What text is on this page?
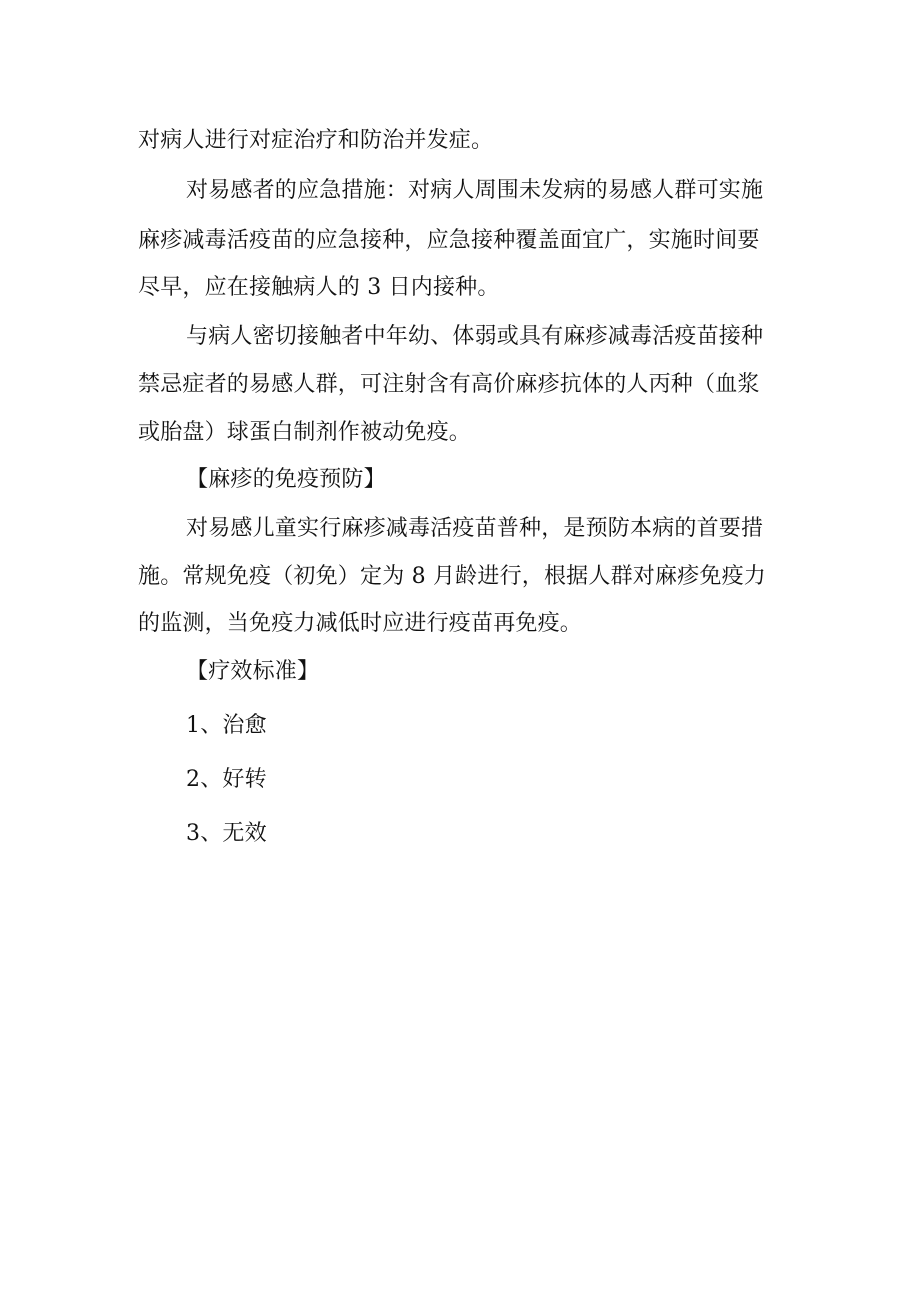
对病人进行对症治疗和防治并发症。
对易感者的应急措施：对病人周围未发病的易感人群可实施
麻疹减毒活疫苗的应急接种，应急接种覆盖面宜广，实施时间要
尽早，应在接触病人的 3 日内接种。
与病人密切接触者中年幼、体弱或具有麻疹减毒活疫苗接种
禁忌症者的易感人群，可注射含有高价麻疹抗体的人丙种（血浆
或胎盘）球蛋白制剂作被动免疫。
【麻疹的免疫预防】
对易感儿童实行麻疹减毒活疫苗普种，是预防本病的首要措
施。常规免疫（初免）定为 8 月龄进行，根据人群对麻疹免疫力
的监测，当免疫力减低时应进行疫苗再免疫。
【疗效标准】
1、治愈
2、好转
3、无效
